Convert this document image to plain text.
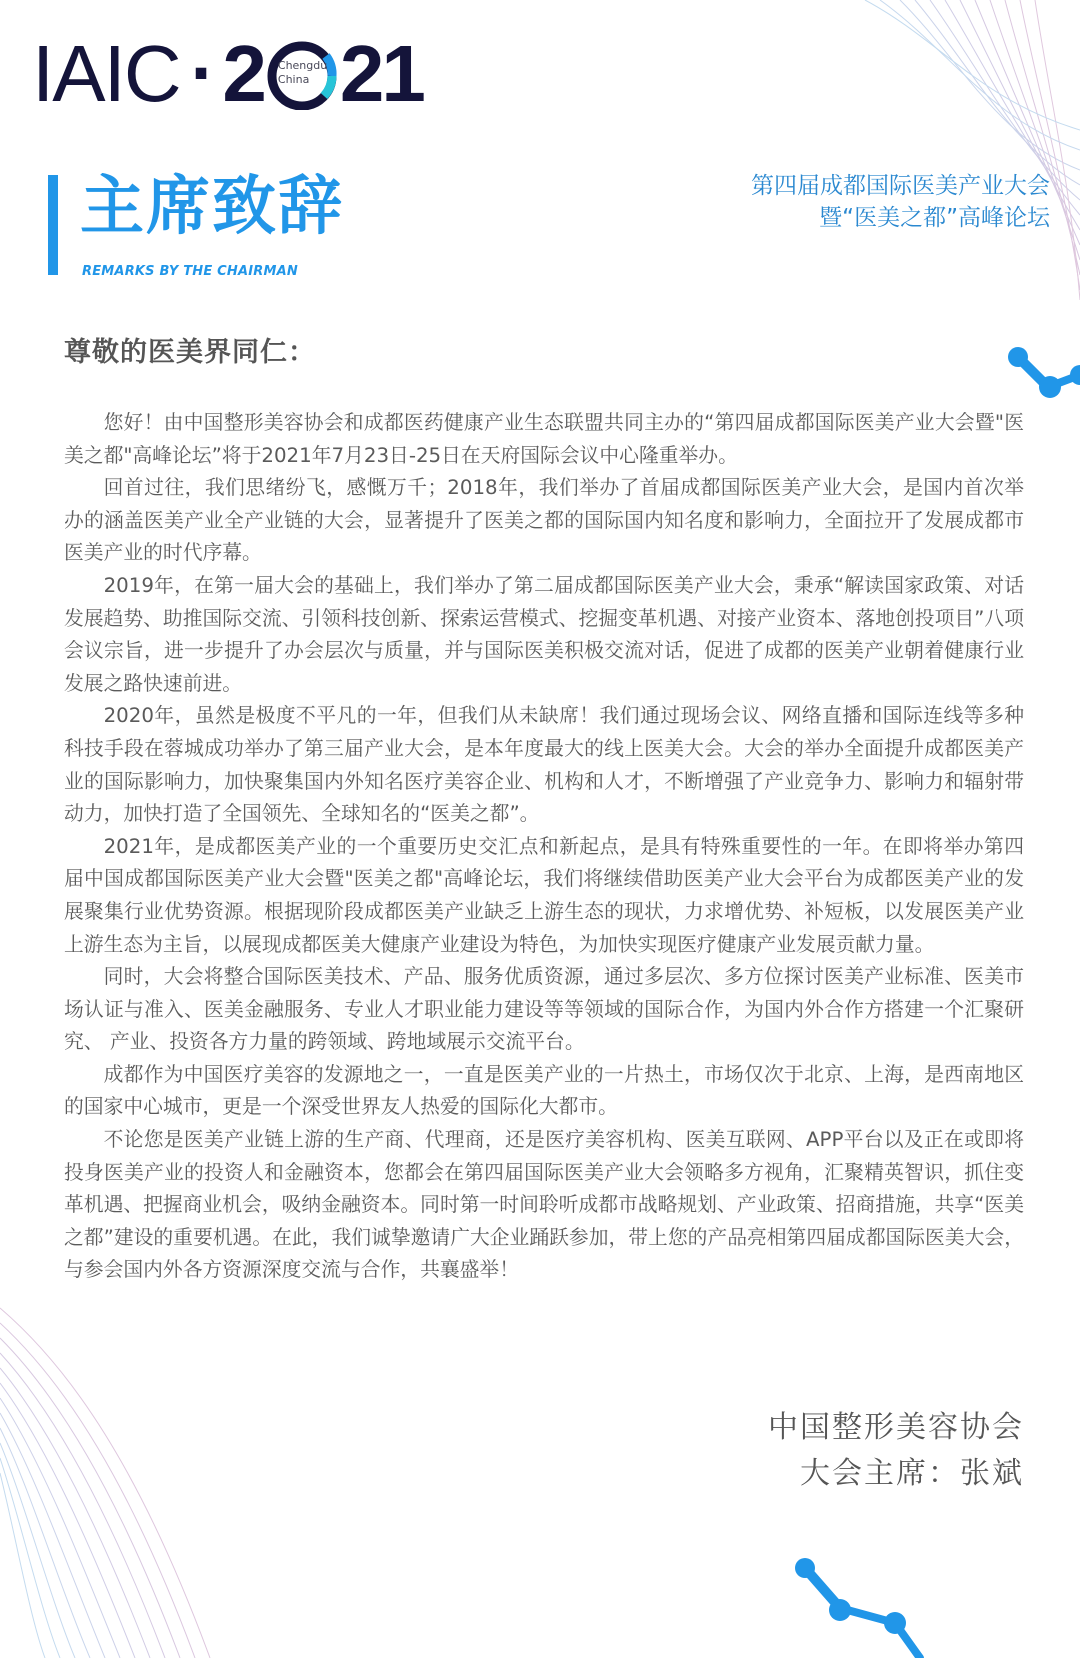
IAIC · 2 Chengdu
China 21
主席致辞
REMARKS BY THE CHAIRMAN
第四届成都国际医美产业大会
暨“医美之都”高峰论坛
尊敬的医美界同仁：

您好！由中国整形美容协会和成都医药健康产业生态联盟共同主办的“第四届成都国际医美产业大会暨"医美之都"高峰论坛”将于2021年7月23日-25日在天府国际会议中心隆重举办。

回首过往，我们思绪纷飞，感慨万千；2018年，我们举办了首届成都国际医美产业大会，是国内首次举办的涵盖医美产业全产业链的大会，显著提升了医美之都的国际国内知名度和影响力，全面拉开了发展成都市医美产业的时代序幕。

2019年，在第一届大会的基础上，我们举办了第二届成都国际医美产业大会，秉承“解读国家政策、对话发展趋势、助推国际交流、引领科技创新、探索运营模式、挖掘变革机遇、对接产业资本、落地创投项目”八项会议宗旨，进一步提升了办会层次与质量，并与国际医美积极交流对话，促进了成都的医美产业朝着健康行业发展之路快速前进。

2020年，虽然是极度不平凡的一年，但我们从未缺席！我们通过现场会议、网络直播和国际连线等多种科技手段在蓉城成功举办了第三届产业大会，是本年度最大的线上医美大会。大会的举办全面提升成都医美产业的国际影响力，加快聚集国内外知名医疗美容企业、机构和人才，不断增强了产业竞争力、影响力和辐射带动力，加快打造了全国领先、全球知名的“医美之都”。

2021年，是成都医美产业的一个重要历史交汇点和新起点，是具有特殊重要性的一年。在即将举办第四届中国成都国际医美产业大会暨"医美之都"高峰论坛，我们将继续借助医美产业大会平台为成都医美产业的发展聚集行业优势资源。根据现阶段成都医美产业缺乏上游生态的现状，力求增优势、补短板，以发展医美产业上游生态为主旨，以展现成都医美大健康产业建设为特色，为加快实现医疗健康产业发展贡献力量。

同时，大会将整合国际医美技术、产品、服务优质资源，通过多层次、多方位探讨医美产业标准、医美市场认证与准入、医美金融服务、专业人才职业能力建设等等领域的国际合作，为国内外合作方搭建一个汇聚研究、 产业、投资各方力量的跨领域、跨地域展示交流平台。

成都作为中国医疗美容的发源地之一，一直是医美产业的一片热土，市场仅次于北京、上海，是西南地区的国家中心城市，更是一个深受世界友人热爱的国际化大都市。

不论您是医美产业链上游的生产商、代理商，还是医疗美容机构、医美互联网、APP平台以及正在或即将投身医美产业的投资人和金融资本，您都会在第四届国际医美产业大会领略多方视角，汇聚精英智识，抓住变革机遇、把握商业机会，吸纳金融资本。同时第一时间聆听成都市战略规划、产业政策、招商措施，共享“医美之都”建设的重要机遇。在此，我们诚挚邀请广大企业踊跃参加，带上您的产品亮相第四届成都国际医美大会，与参会国内外各方资源深度交流与合作，共襄盛举！

中国整形美容协会
大会主席：张斌
